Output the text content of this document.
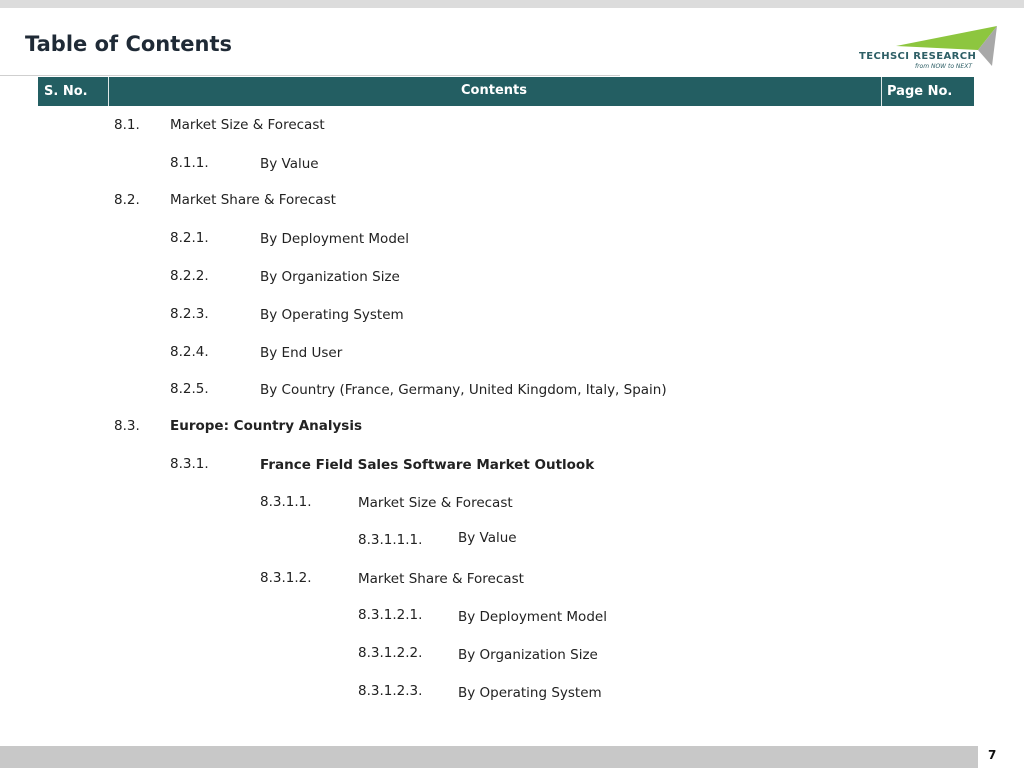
Table of Contents
TECHSCI RESEARCH
from NOW to NEXT
S. No.	Contents	Page No.
8.1. Market Size & Forecast
8.1.1.	By Value
8.2. Market Share & Forecast
8.2.1.	By Deployment Model
8.2.2.	By Organization Size
8.2.3.	By Operating System
8.2.4.	By End User
8.2.5.	By Country (France, Germany, United Kingdom, Italy, Spain)
8.3. Europe: Country Analysis
8.3.1.	France Field Sales Software Market Outlook
8.3.1.1.	Market Size & Forecast
8.3.1.1.1.	By Value
8.3.1.2.	Market Share & Forecast
8.3.1.2.1.	By Deployment Model
8.3.1.2.2.	By Organization Size
8.3.1.2.3.	By Operating System
7
